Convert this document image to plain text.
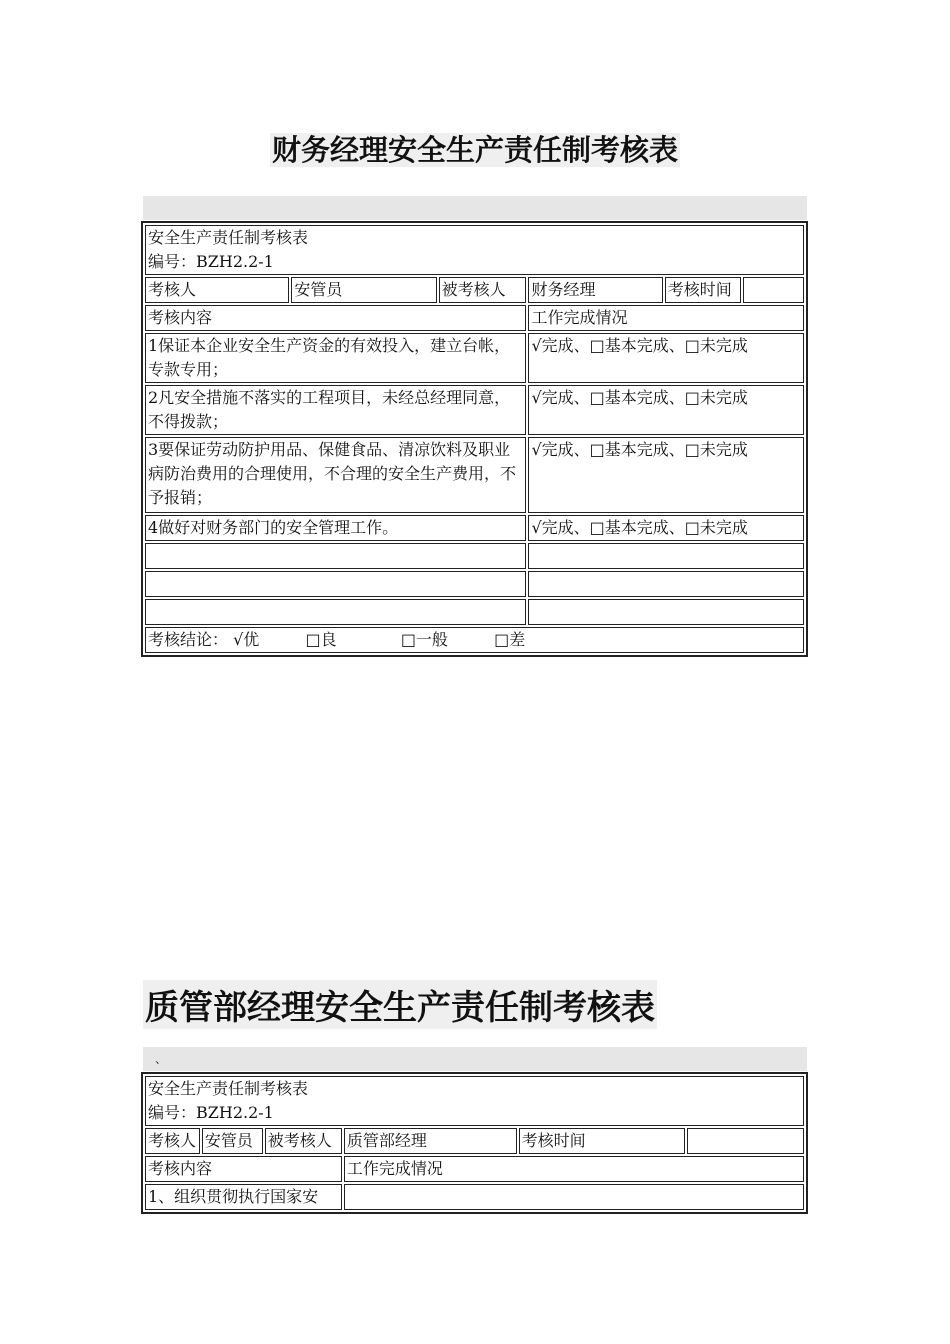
财务经理安全生产责任制考核表
安全生产责任制考核表
编号：BZH2.2-1					

考核人	安管员	被考核人	财务经理	考核时间	
考核内容			工作完成情况		
1保证本企业安全生产资金的有效投入，建立台帐，专款专用；			√完成、□基本完成、□未完成		
2凡安全措施不落实的工程项目，未经总经理同意，不得拨款；			√完成、□基本完成、□未完成		
3要保证劳动防护用品、保健食品、清凉饮料及职业病防治费用的合理使用，不合理的安全生产费用，不予报销；			√完成、□基本完成、□未完成		
4做好对财务部门的安全管理工作。			√完成、□基本完成、□未完成		

考核结论： √优 □良 □一般 □差					
质管部经理安全生产责任制考核表
、
安全生产责任制考核表
编号：BZH2.2-1					

考核人	安管员	被考核人	质管部经理	考核时间	
考核内容			工作完成情况		
1、组织贯彻执行国家安					
